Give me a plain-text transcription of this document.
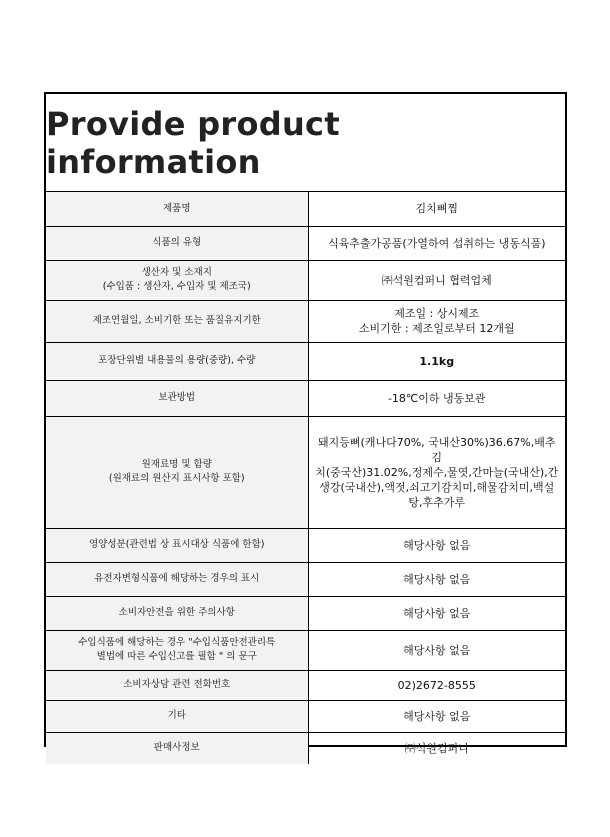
Provide product information
제품명	김치뼈찜

식품의 유형	식육추출가공품(가열하여 섭취하는 냉동식품)

생산자 및 소재지
(수입품 : 생산자, 수입자 및 제조국)	㈜석원컴퍼니 협력업체

제조연월일, 소비기한 또는 품질유지기한	제조일 : 상시제조
소비기한 : 제조일로부터 12개월

포장단위별 내용물의 용량(중량), 수량	1.1kg

보관방법	-18℃이하 냉동보관

원재료명 및 함량
(원재료의 원산지 표시사항 포함)	돼지등뼈(캐나다70%, 국내산30%)36.67%,배추김
치(중국산)31.02%,정제수,물엿,간마늘(국내산),간
생강(국내산),액젓,쇠고기감치미,해물감치미,백설
탕,후추가루

영양성분(관련법 상 표시대상 식품에 한함)	해당사항 없음

유전자변형식품에 해당하는 경우의 표시	해당사항 없음

소비자안전을 위한 주의사항	해당사항 없음

수입식품에 해당하는 경우 "수입식품안전관리특
별법에 따른 수입신고를 필함 " 의 문구	해당사항 없음

소비자상담 관련 전화번호	02)2672-8555

기타	해당사항 없음

판매사정보	㈜석원컴퍼니
